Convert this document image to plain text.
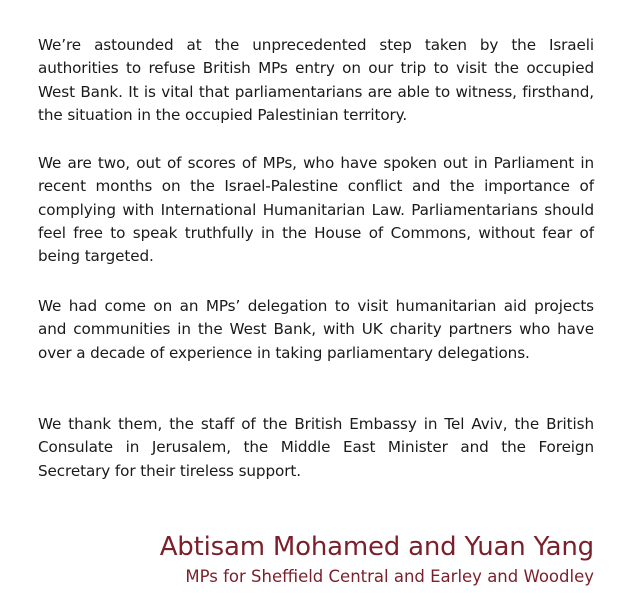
We’re astounded at the unprecedented step taken by the Israeli authorities to refuse British MPs entry on our trip to visit the occupied West Bank. It is vital that parliamentarians are able to witness, firsthand, the situation in the occupied Palestinian territory.

We are two, out of scores of MPs, who have spoken out in Parliament in recent months on the Israel-Palestine conflict and the importance of complying with International Humanitarian Law. Parliamentarians should feel free to speak truthfully in the House of Commons, without fear of being targeted.

We had come on an MPs’ delegation to visit humanitarian aid projects and communities in the West Bank, with UK charity partners who have over a decade of experience in taking parliamentary delegations.

We thank them, the staff of the British Embassy in Tel Aviv, the British Consulate in Jerusalem, the Middle East Minister and the Foreign Secretary for their tireless support.

Abtisam Mohamed and Yuan Yang
MPs for Sheffield Central and Earley and Woodley
